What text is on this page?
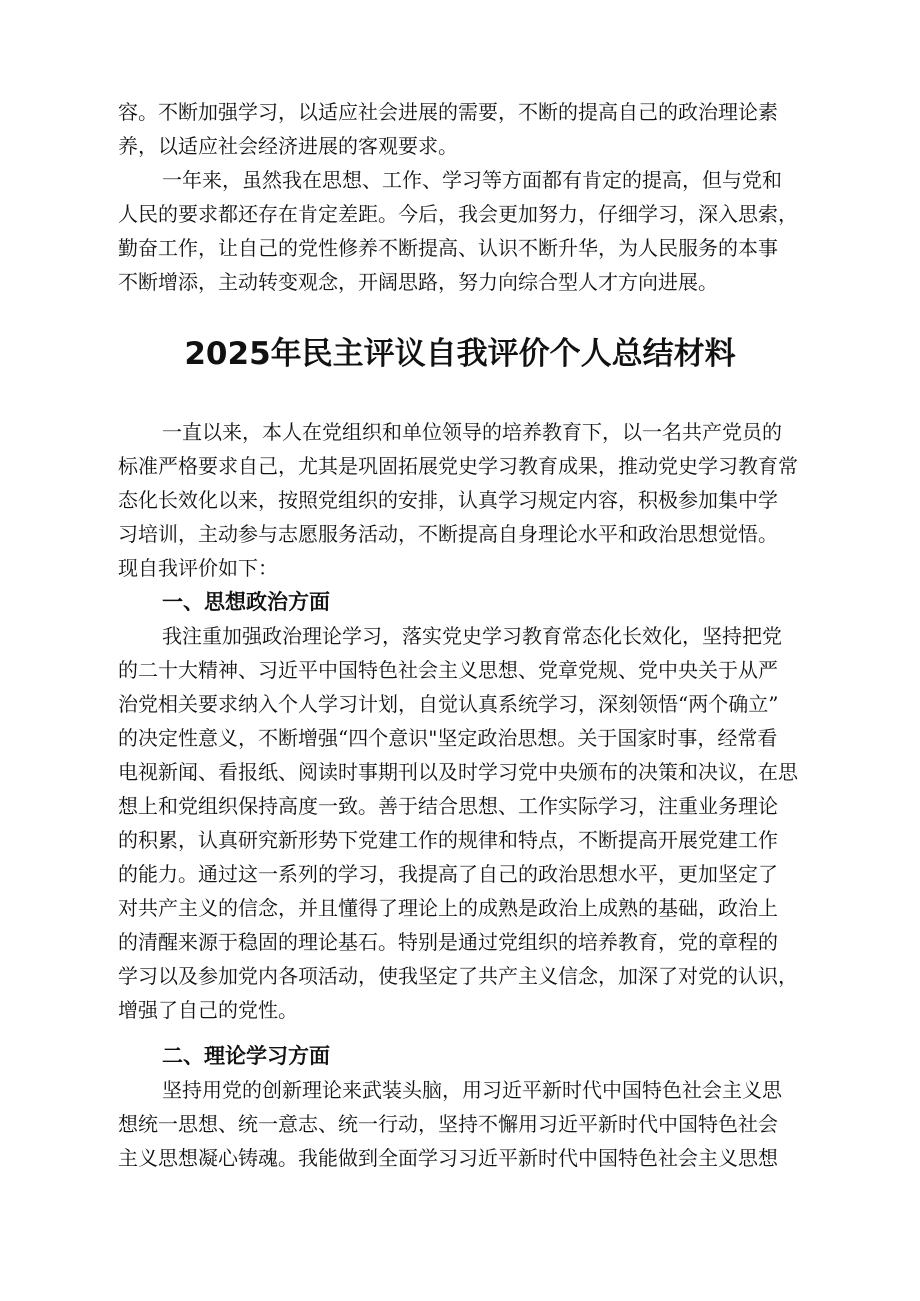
容。不断加强学习，以适应社会进展的需要，不断的提高自己的政治理论素

养，以适应社会经济进展的客观要求。

一年来，虽然我在思想、工作、学习等方面都有肯定的提高，但与党和

人民的要求都还存在肯定差距。今后，我会更加努力，仔细学习，深入思索，

勤奋工作，让自己的党性修养不断提高、认识不断升华，为人民服务的本事

不断增添，主动转变观念，开阔思路，努力向综合型人才方向进展。

2025年民主评议自我评价个人总结材料

一直以来，本人在党组织和单位领导的培养教育下，以一名共产党员的

标准严格要求自己，尤其是巩固拓展党史学习教育成果，推动党史学习教育常

态化长效化以来，按照党组织的安排，认真学习规定内容，积极参加集中学

习培训，主动参与志愿服务活动，不断提高自身理论水平和政治思想觉悟。

现自我评价如下：

一、思想政治方面

我注重加强政治理论学习，落实党史学习教育常态化长效化，坚持把党

的二十大精神、习近平中国特色社会主义思想、党章党规、党中央关于从严

治党相关要求纳入个人学习计划，自觉认真系统学习，深刻领悟“两个确立”

的决定性意义，不断增强“四个意识"坚定政治思想。关于国家时事，经常看

电视新闻、看报纸、阅读时事期刊以及时学习党中央颁布的决策和决议，在思

想上和党组织保持高度一致。善于结合思想、工作实际学习，注重业务理论

的积累，认真研究新形势下党建工作的规律和特点，不断提高开展党建工作

的能力。通过这一系列的学习，我提高了自己的政治思想水平，更加坚定了

对共产主义的信念，并且懂得了理论上的成熟是政治上成熟的基础，政治上

的清醒来源于稳固的理论基石。特别是通过党组织的培养教育，党的章程的

学习以及参加党内各项活动，使我坚定了共产主义信念，加深了对党的认识，

增强了自己的党性。

二、理论学习方面

坚持用党的创新理论来武装头脑，用习近平新时代中国特色社会主义思

想统一思想、统一意志、统一行动，坚持不懈用习近平新时代中国特色社会

主义思想凝心铸魂。我能做到全面学习习近平新时代中国特色社会主义思想
